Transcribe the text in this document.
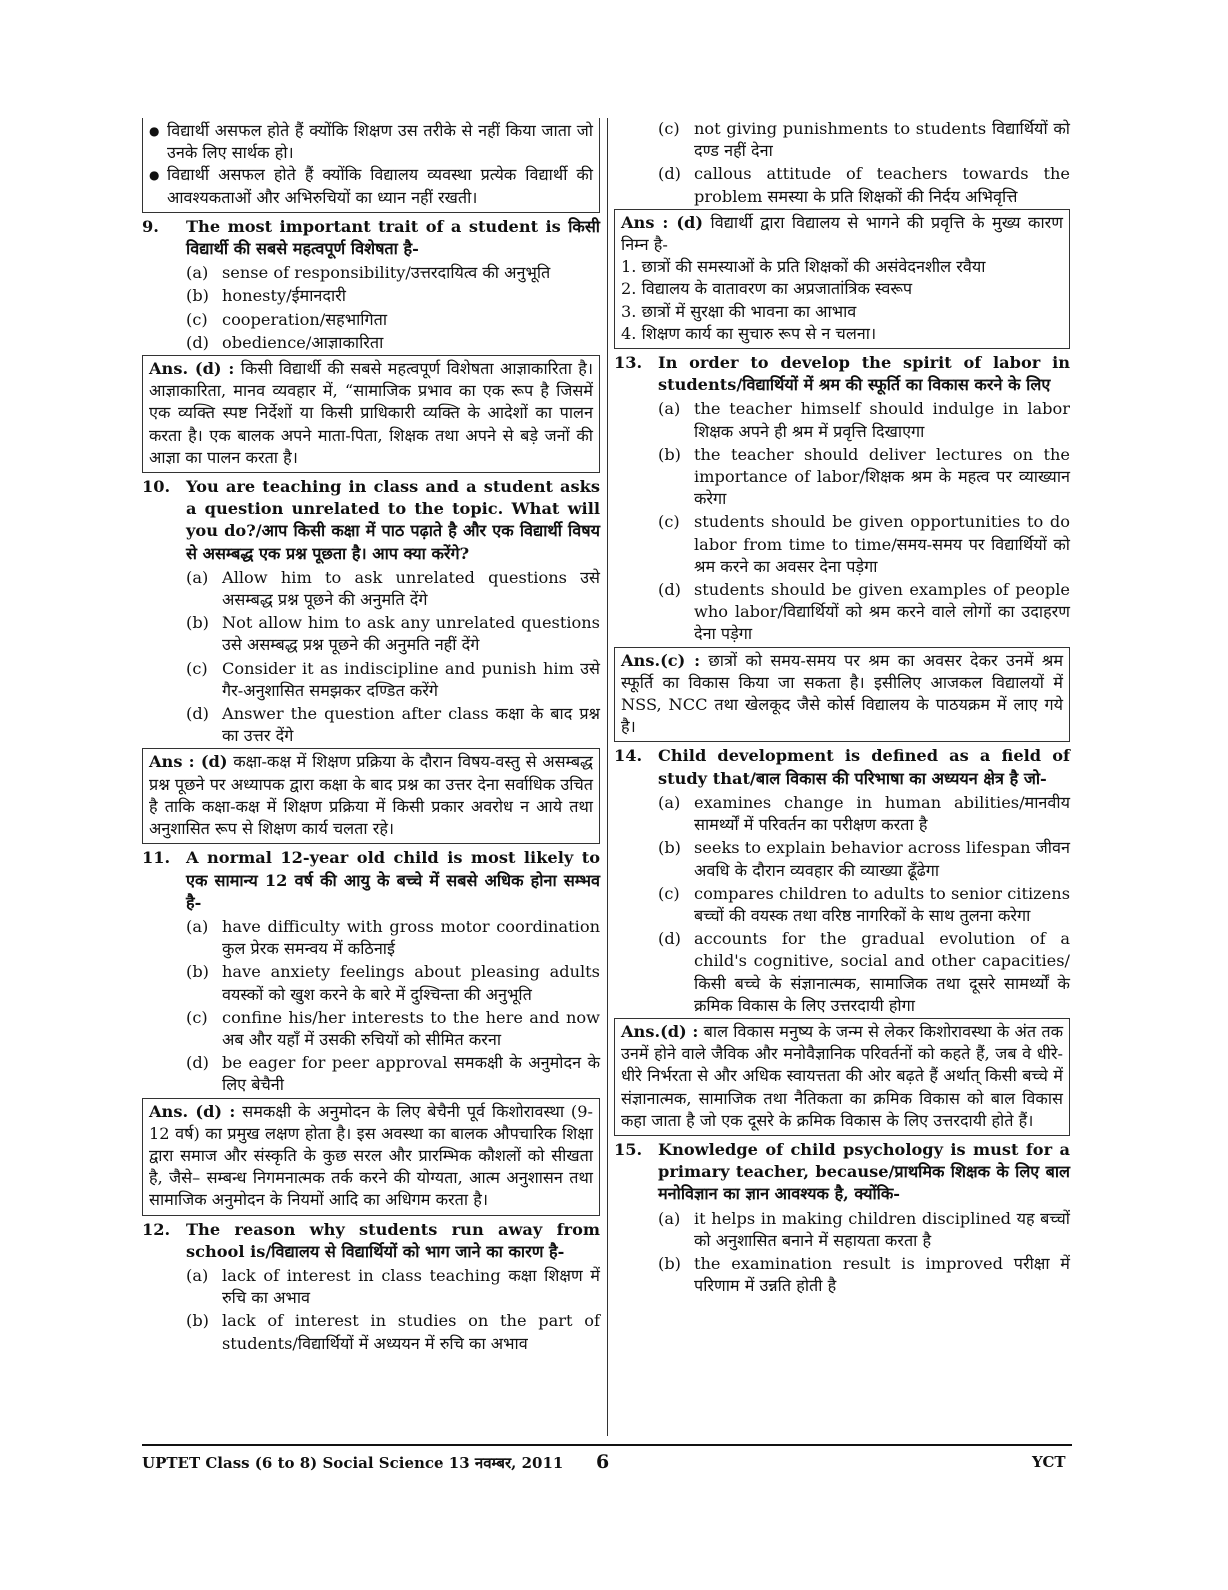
● विद्यार्थी असफल होते हैं क्योंकि शिक्षण उस तरीके से नहीं किया जाता जो उनके लिए सार्थक हो।
● विद्यार्थी असफल होते हैं क्योंकि विद्यालय व्यवस्था प्रत्येक विद्यार्थी की आवश्यकताओं और अभिरुचियों का ध्यान नहीं रखती।
9. The most important trait of a student is किसी विद्यार्थी की सबसे महत्वपूर्ण विशेषता है-
(a) sense of responsibility/उत्तरदायित्व की अनुभूति
(b) honesty/ईमानदारी
(c) cooperation/सहभागिता
(d) obedience/आज्ञाकारिता
Ans. (d) : किसी विद्यार्थी की सबसे महत्वपूर्ण विशेषता आज्ञाकारिता है। आज्ञाकारिता, मानव व्यवहार में, “सामाजिक प्रभाव का एक रूप है जिसमें एक व्यक्ति स्पष्ट निर्देशों या किसी प्राधिकारी व्यक्ति के आदेशों का पालन करता है। एक बालक अपने माता-पिता, शिक्षक तथा अपने से बड़े जनों की आज्ञा का पालन करता है।
10. You are teaching in class and a student asks a question unrelated to the topic. What will you do?/आप किसी कक्षा में पाठ पढ़ाते है और एक विद्यार्थी विषय से असम्बद्ध एक प्रश्न पूछता है। आप क्या करेंगे?
(a) Allow him to ask unrelated questions उसे असम्बद्ध प्रश्न पूछने की अनुमति देंगे
(b) Not allow him to ask any unrelated questions उसे असम्बद्ध प्रश्न पूछने की अनुमति नहीं देंगे
(c) Consider it as indiscipline and punish him उसे गैर-अनुशासित समझकर दण्डित करेंगे
(d) Answer the question after class कक्षा के बाद प्रश्न का उत्तर देंगे
Ans : (d) कक्षा-कक्ष में शिक्षण प्रक्रिया के दौरान विषय-वस्तु से असम्बद्ध प्रश्न पूछने पर अध्यापक द्वारा कक्षा के बाद प्रश्न का उत्तर देना सर्वाधिक उचित है ताकि कक्षा-कक्ष में शिक्षण प्रक्रिया में किसी प्रकार अवरोध न आये तथा अनुशासित रूप से शिक्षण कार्य चलता रहे।
11. A normal 12-year old child is most likely to एक सामान्य 12 वर्ष की आयु के बच्चे में सबसे अधिक होना सम्भव है-
(a) have difficulty with gross motor coordination कुल प्रेरक समन्वय में कठिनाई
(b) have anxiety feelings about pleasing adults वयस्कों को खुश करने के बारे में दुश्चिन्ता की अनुभूति
(c) confine his/her interests to the here and now अब और यहाँ में उसकी रुचियों को सीमित करना
(d) be eager for peer approval समकक्षी के अनुमोदन के लिए बेचैनी
Ans. (d) : समकक्षी के अनुमोदन के लिए बेचैनी पूर्व किशोरावस्था (9-12 वर्ष) का प्रमुख लक्षण होता है। इस अवस्था का बालक औपचारिक शिक्षा द्वारा समाज और संस्कृति के कुछ सरल और प्रारम्भिक कौशलों को सीखता है, जैसे– सम्बन्ध निगमनात्मक तर्क करने की योग्यता, आत्म अनुशासन तथा सामाजिक अनुमोदन के नियमों आदि का अधिगम करता है।
12. The reason why students run away from school is/विद्यालय से विद्यार्थियों को भाग जाने का कारण है-
(a) lack of interest in class teaching कक्षा शिक्षण में रुचि का अभाव
(b) lack of interest in studies on the part of students/विद्यार्थियों में अध्ययन में रुचि का अभाव
(c) not giving punishments to students विद्यार्थियों को दण्ड नहीं देना
(d) callous attitude of teachers towards the problem समस्या के प्रति शिक्षकों की निर्दय अभिवृत्ति
Ans : (d) विद्यार्थी द्वारा विद्यालय से भागने की प्रवृत्ति के मुख्य कारण निम्न है-
1. छात्रों की समस्याओं के प्रति शिक्षकों की असंवेदनशील रवैया
2. विद्यालय के वातावरण का अप्रजातांत्रिक स्वरूप
3. छात्रों में सुरक्षा की भावना का आभाव
4. शिक्षण कार्य का सुचारु रूप से न चलना।
13. In order to develop the spirit of labor in students/विद्यार्थियों में श्रम की स्फूर्ति का विकास करने के लिए
(a) the teacher himself should indulge in labor शिक्षक अपने ही श्रम में प्रवृत्ति दिखाएगा
(b) the teacher should deliver lectures on the importance of labor/शिक्षक श्रम के महत्व पर व्याख्यान करेगा
(c) students should be given opportunities to do labor from time to time/समय-समय पर विद्यार्थियों को श्रम करने का अवसर देना पड़ेगा
(d) students should be given examples of people who labor/विद्यार्थियों को श्रम करने वाले लोगों का उदाहरण देना पड़ेगा
Ans.(c) : छात्रों को समय-समय पर श्रम का अवसर देकर उनमें श्रम स्फूर्ति का विकास किया जा सकता है। इसीलिए आजकल विद्यालयों में NSS, NCC तथा खेलकूद जैसे कोर्स विद्यालय के पाठयक्रम में लाए गये है।
14. Child development is defined as a field of study that/बाल विकास की परिभाषा का अध्ययन क्षेत्र है जो-
(a) examines change in human abilities/मानवीय सामर्थ्यों में परिवर्तन का परीक्षण करता है
(b) seeks to explain behavior across lifespan जीवन अवधि के दौरान व्यवहार की व्याख्या ढूँढेगा
(c) compares children to adults to senior citizens बच्चों की वयस्क तथा वरिष्ठ नागरिकों के साथ तुलना करेगा
(d) accounts for the gradual evolution of a child's cognitive, social and other capacities/किसी बच्चे के संज्ञानात्मक, सामाजिक तथा दूसरे सामर्थ्यों के क्रमिक विकास के लिए उत्तरदायी होगा
Ans.(d) : बाल विकास मनुष्य के जन्म से लेकर किशोरावस्था के अंत तक उनमें होने वाले जैविक और मनोवैज्ञानिक परिवर्तनों को कहते हैं, जब वे धीरे-धीरे निर्भरता से और अधिक स्वायत्तता की ओर बढ़ते हैं अर्थात् किसी बच्चे में संज्ञानात्मक, सामाजिक तथा नैतिकता का क्रमिक विकास को बाल विकास कहा जाता है जो एक दूसरे के क्रमिक विकास के लिए उत्तरदायी होते हैं।
15. Knowledge of child psychology is must for a primary teacher, because/प्राथमिक शिक्षक के लिए बाल मनोविज्ञान का ज्ञान आवश्यक है, क्योंकि-
(a) it helps in making children disciplined यह बच्चों को अनुशासित बनाने में सहायता करता है
(b) the examination result is improved परीक्षा में परिणाम में उन्नति होती है
UPTET Class (6 to 8) Social Science 13 नवम्बर, 2011 6	YCT
